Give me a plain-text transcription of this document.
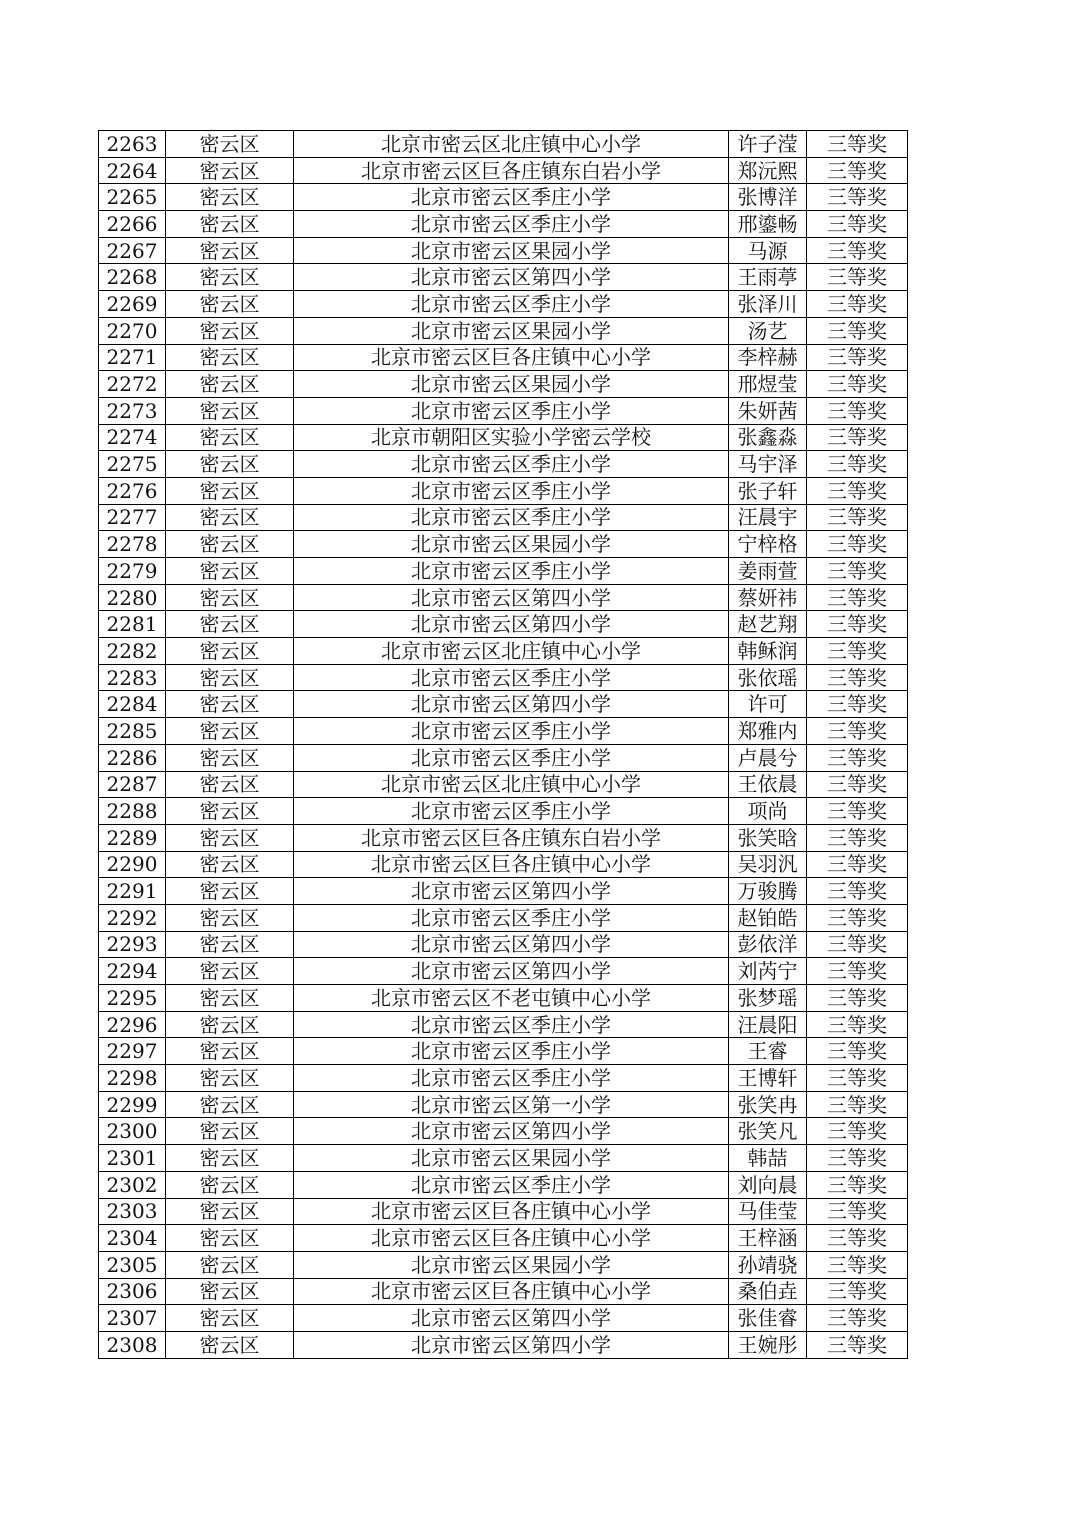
2263	密云区	北京市密云区北庄镇中心小学	许子滢	三等奖
2264	密云区	北京市密云区巨各庄镇东白岩小学	郑沅熙	三等奖
2265	密云区	北京市密云区季庄小学	张博洋	三等奖
2266	密云区	北京市密云区季庄小学	邢鎏畅	三等奖
2267	密云区	北京市密云区果园小学	马源	三等奖
2268	密云区	北京市密云区第四小学	王雨葶	三等奖
2269	密云区	北京市密云区季庄小学	张泽川	三等奖
2270	密云区	北京市密云区果园小学	汤艺	三等奖
2271	密云区	北京市密云区巨各庄镇中心小学	李梓赫	三等奖
2272	密云区	北京市密云区果园小学	邢煜莹	三等奖
2273	密云区	北京市密云区季庄小学	朱妍茜	三等奖
2274	密云区	北京市朝阳区实验小学密云学校	张鑫淼	三等奖
2275	密云区	北京市密云区季庄小学	马宇泽	三等奖
2276	密云区	北京市密云区季庄小学	张子轩	三等奖
2277	密云区	北京市密云区季庄小学	汪晨宇	三等奖
2278	密云区	北京市密云区果园小学	宁梓格	三等奖
2279	密云区	北京市密云区季庄小学	姜雨萱	三等奖
2280	密云区	北京市密云区第四小学	蔡妍祎	三等奖
2281	密云区	北京市密云区第四小学	赵艺翔	三等奖
2282	密云区	北京市密云区北庄镇中心小学	韩稣润	三等奖
2283	密云区	北京市密云区季庄小学	张依瑶	三等奖
2284	密云区	北京市密云区第四小学	许可	三等奖
2285	密云区	北京市密云区季庄小学	郑雅内	三等奖
2286	密云区	北京市密云区季庄小学	卢晨兮	三等奖
2287	密云区	北京市密云区北庄镇中心小学	王依晨	三等奖
2288	密云区	北京市密云区季庄小学	项尚	三等奖
2289	密云区	北京市密云区巨各庄镇东白岩小学	张笑晗	三等奖
2290	密云区	北京市密云区巨各庄镇中心小学	吴羽汎	三等奖
2291	密云区	北京市密云区第四小学	万骏腾	三等奖
2292	密云区	北京市密云区季庄小学	赵铂皓	三等奖
2293	密云区	北京市密云区第四小学	彭依洋	三等奖
2294	密云区	北京市密云区第四小学	刘芮宁	三等奖
2295	密云区	北京市密云区不老屯镇中心小学	张梦瑶	三等奖
2296	密云区	北京市密云区季庄小学	汪晨阳	三等奖
2297	密云区	北京市密云区季庄小学	王睿	三等奖
2298	密云区	北京市密云区季庄小学	王博轩	三等奖
2299	密云区	北京市密云区第一小学	张笑冉	三等奖
2300	密云区	北京市密云区第四小学	张笑凡	三等奖
2301	密云区	北京市密云区果园小学	韩喆	三等奖
2302	密云区	北京市密云区季庄小学	刘向晨	三等奖
2303	密云区	北京市密云区巨各庄镇中心小学	马佳莹	三等奖
2304	密云区	北京市密云区巨各庄镇中心小学	王梓涵	三等奖
2305	密云区	北京市密云区果园小学	孙靖骁	三等奖
2306	密云区	北京市密云区巨各庄镇中心小学	桑伯垚	三等奖
2307	密云区	北京市密云区第四小学	张佳睿	三等奖
2308	密云区	北京市密云区第四小学	王婉彤	三等奖
